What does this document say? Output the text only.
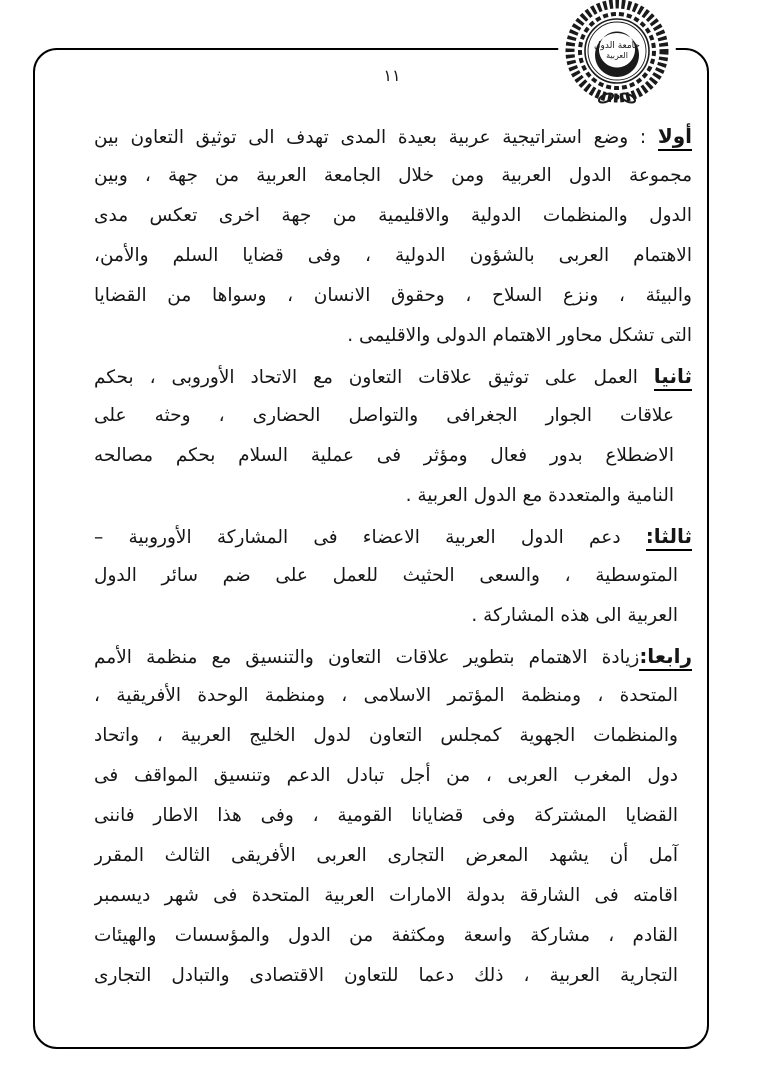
جامعة الدول
العربية
١١
أولا : وضع استراتيجية عربية بعيدة المدى تهدف الى توثيق التعاون بين
مجموعة الدول العربية ومن خلال الجامعة العربية من جهة ، وبين
الدول والمنظمات الدولية والاقليمية من جهة اخرى تعكس مدى
الاهتمام العربى بالشؤون الدولية ، وفى قضايا السلم والأمن،
والبيئة ، ونزع السلاح ، وحقوق الانسان ، وسواها من القضايا
التى تشكل محاور الاهتمام الدولى والاقليمى .
ثانيا العمل على توثيق علاقات التعاون مع الاتحاد الأوروبى ، بحكم
علاقات الجوار الجغرافى والتواصل الحضارى ، وحثه على
الاضطلاع بدور فعال ومؤثر فى عملية السلام بحكم مصالحه
النامية والمتعددة مع الدول العربية .
ثالثا: دعم الدول العربية الاعضاء فى المشاركة الأوروبية –
المتوسطية ، والسعى الحثيث للعمل على ضم سائر الدول
العربية الى هذه المشاركة .
رابعا:زيادة الاهتمام بتطوير علاقات التعاون والتنسيق مع منظمة الأمم
المتحدة ، ومنظمة المؤتمر الاسلامى ، ومنظمة الوحدة الأفريقية ،
والمنظمات الجهوية كمجلس التعاون لدول الخليج العربية ، واتحاد
دول المغرب العربى ، من أجل تبادل الدعم وتنسيق المواقف فى
القضايا المشتركة وفى قضايانا القومية ، وفى هذا الاطار فاننى
آمل أن يشهد المعرض التجارى العربى الأفريقى الثالث المقرر
اقامته فى الشارقة بدولة الامارات العربية المتحدة فى شهر ديسمبر
القادم ، مشاركة واسعة ومكثفة من الدول والمؤسسات والهيئات
التجارية العربية ، ذلك دعما للتعاون الاقتصادى والتبادل التجارى
